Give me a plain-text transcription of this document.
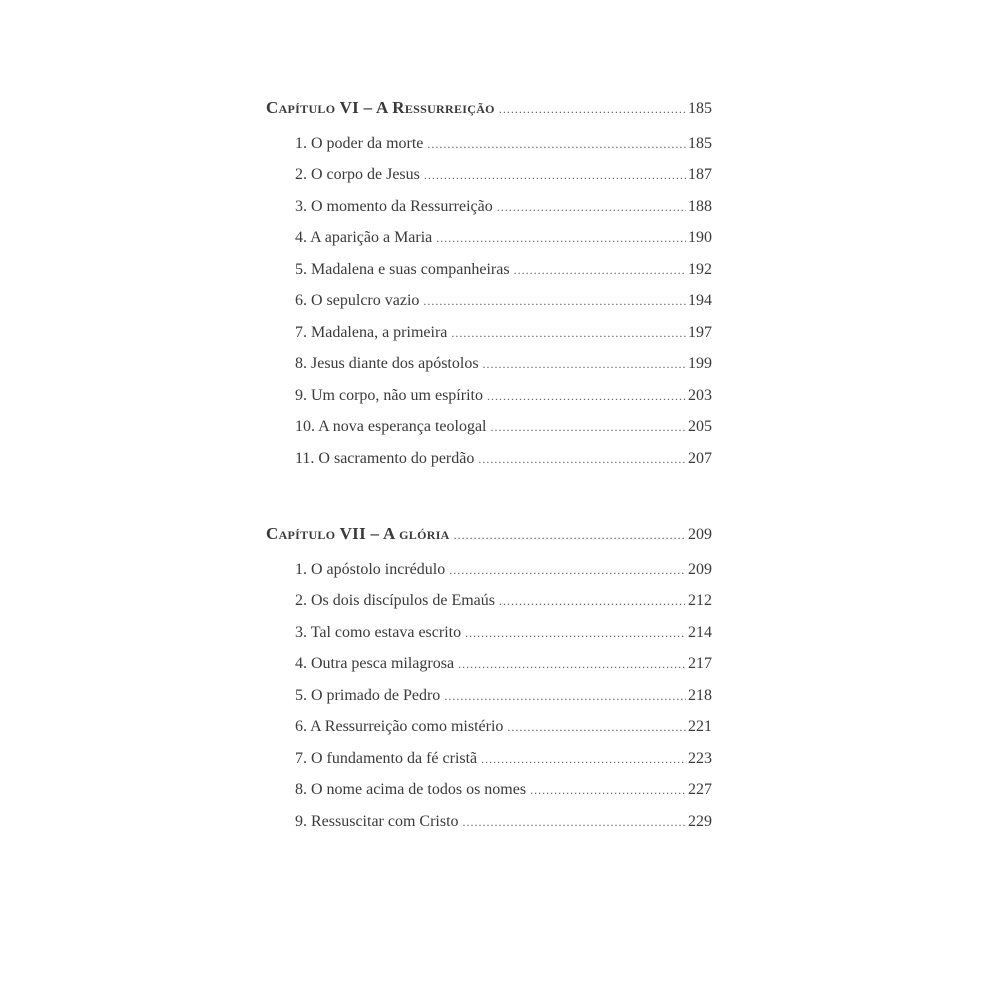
Capítulo VI – A Ressurreição .....	185
1. O poder da morte .....	185
2. O corpo de Jesus .....	187
3. O momento da Ressurreição .....	188
4. A aparição a Maria .....	190
5. Madalena e suas companheiras .....	192
6. O sepulcro vazio .....	194
7. Madalena, a primeira .....	197
8. Jesus diante dos apóstolos .....	199
9. Um corpo, não um espírito .....	203
10. A nova esperança teologal .....	205
11. O sacramento do perdão .....	207
Capítulo VII – A glória .....	209
1. O apóstolo incrédulo .....	209
2. Os dois discípulos de Emaús .....	212
3. Tal como estava escrito .....	214
4. Outra pesca milagrosa .....	217
5. O primado de Pedro .....	218
6. A Ressurreição como mistério .....	221
7. O fundamento da fé cristã .....	223
8. O nome acima de todos os nomes .....	227
9. Ressuscitar com Cristo .....	229
